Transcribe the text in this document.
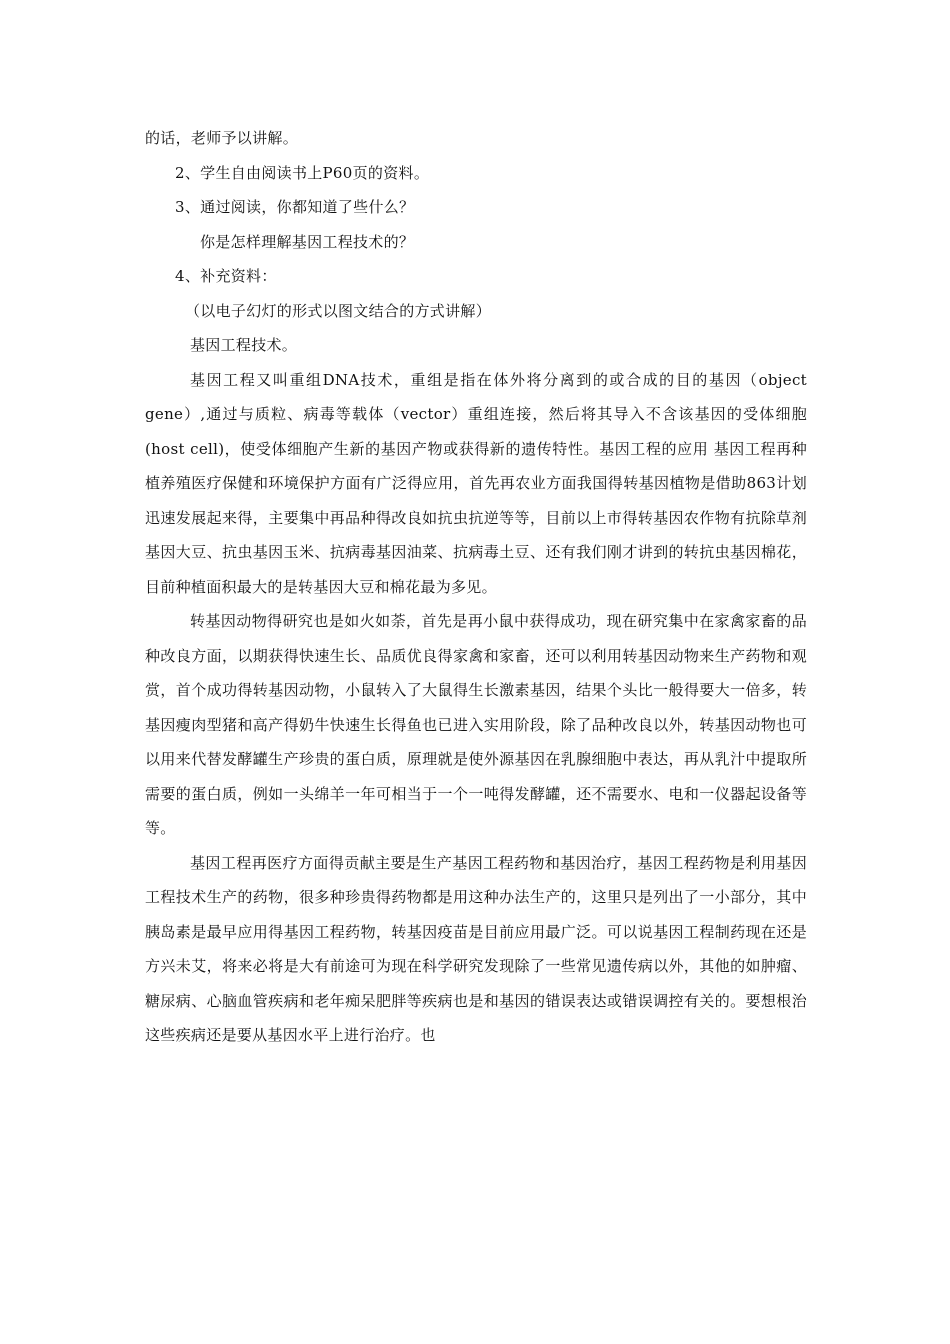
的话，老师予以讲解。
2、学生自由阅读书上P60页的资料。
3、通过阅读，你都知道了些什么？
你是怎样理解基因工程技术的？
4、补充资料：
（以电子幻灯的形式以图文结合的方式讲解）
基因工程技术。

基因工程又叫重组DNA技术，重组是指在体外将分离到的或合成的目的基因（object gene）,通过与质粒、病毒等载体（vector）重组连接，然后将其导入不含该基因的受体细胞(host cell)，使受体细胞产生新的基因产物或获得新的遗传特性。基因工程的应用 基因工程再种植养殖医疗保健和环境保护方面有广泛得应用，首先再农业方面我国得转基因植物是借助863计划迅速发展起来得，主要集中再品种得改良如抗虫抗逆等等，目前以上市得转基因农作物有抗除草剂基因大豆、抗虫基因玉米、抗病毒基因油菜、抗病毒土豆、还有我们刚才讲到的转抗虫基因棉花，目前种植面积最大的是转基因大豆和棉花最为多见。

转基因动物得研究也是如火如荼，首先是再小鼠中获得成功，现在研究集中在家禽家畜的品种改良方面，以期获得快速生长、品质优良得家禽和家畜，还可以利用转基因动物来生产药物和观赏，首个成功得转基因动物，小鼠转入了大鼠得生长激素基因，结果个头比一般得要大一倍多，转基因瘦肉型猪和高产得奶牛快速生长得鱼也已进入实用阶段，除了品种改良以外，转基因动物也可以用来代替发酵罐生产珍贵的蛋白质，原理就是使外源基因在乳腺细胞中表达，再从乳汁中提取所需要的蛋白质，例如一头绵羊一年可相当于一个一吨得发酵罐，还不需要水、电和一仪器起设备等等。

基因工程再医疗方面得贡献主要是生产基因工程药物和基因治疗，基因工程药物是利用基因工程技术生产的药物，很多种珍贵得药物都是用这种办法生产的，这里只是列出了一小部分，其中胰岛素是最早应用得基因工程药物，转基因疫苗是目前应用最广泛。可以说基因工程制药现在还是方兴未艾，将来必将是大有前途可为现在科学研究发现除了一些常见遗传病以外，其他的如肿瘤、糖尿病、心脑血管疾病和老年痴呆肥胖等疾病也是和基因的错误表达或错误调控有关的。要想根治这些疾病还是要从基因水平上进行治疗。也
